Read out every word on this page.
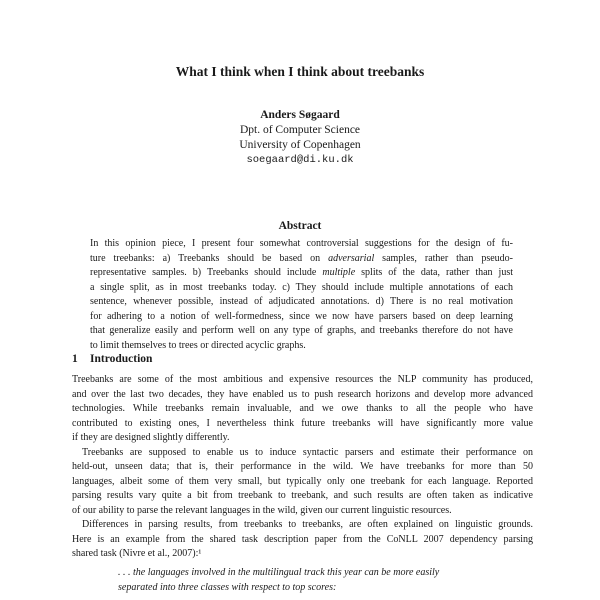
What I think when I think about treebanks
Anders Søgaard
Dpt. of Computer Science
University of Copenhagen
soegaard@di.ku.dk
Abstract
In this opinion piece, I present four somewhat controversial suggestions for the design of fu-
ture treebanks: a) Treebanks should be based on adversarial samples, rather than pseudo-
representative samples. b) Treebanks should include multiple splits of the data, rather than just
a single split, as in most treebanks today. c) They should include multiple annotations of each
sentence, whenever possible, instead of adjudicated annotations. d) There is no real motivation
for adhering to a notion of well-formedness, since we now have parsers based on deep learning
that generalize easily and perform well on any type of graphs, and treebanks therefore do not have
to limit themselves to trees or directed acyclic graphs.
1 Introduction
Treebanks are some of the most ambitious and expensive resources the NLP community has produced,
and over the last two decades, they have enabled us to push research horizons and develop more advanced
technologies. While treebanks remain invaluable, and we owe thanks to all the people who have
contributed to existing ones, I nevertheless think future treebanks will have significantly more value
if they are designed slightly differently.
Treebanks are supposed to enable us to induce syntactic parsers and estimate their performance on
held-out, unseen data; that is, their performance in the wild. We have treebanks for more than 50
languages, albeit some of them very small, but typically only one treebank for each language. Reported
parsing results vary quite a bit from treebank to treebank, and such results are often taken as indicative
of our ability to parse the relevant languages in the wild, given our current linguistic resources.
Differences in parsing results, from treebanks to treebanks, are often explained on linguistic grounds.
Here is an example from the shared task description paper from the CoNLL 2007 dependency parsing
shared task (Nivre et al., 2007):¹
. . . the languages involved in the multilingual track this year can be more easily
separated into three classes with respect to top scores:
